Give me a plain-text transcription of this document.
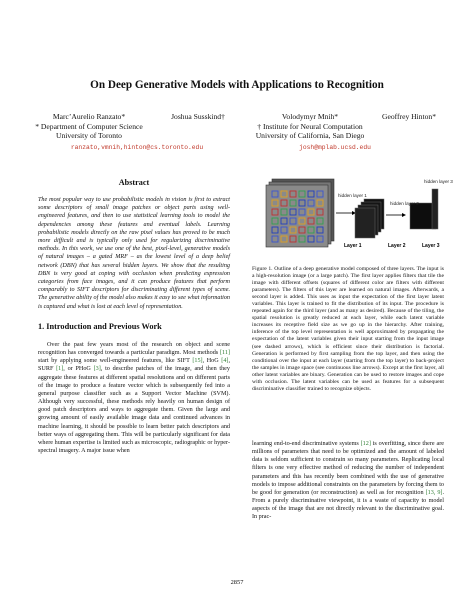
On Deep Generative Models with Applications to Recognition
Marc’Aurelio Ranzato*
* Department of Computer Science
University of Toronto
Joshua Susskind†	Volodymyr Mnih*
† Institute for Neural Computation
University of California, San Diego
Geoffrey Hinton*
ranzato,vmnih,hinton@cs.toronto.edu	josh@mplab.ucsd.edu
Abstract
The most popular way to use probabilistic models in vision is first to extract some descriptors of small image patches or object parts using well-engineered features, and then to use statistical learning tools to model the dependencies among these features and eventual labels. Learning probabilistic models directly on the raw pixel values has proved to be much more difficult and is typically only used for regularizing discriminative methods. In this work, we use one of the best, pixel-level, generative models of natural images – a gated MRF – as the lowest level of a deep belief network (DBN) that has several hidden layers. We show that the resulting DBN is very good at coping with occlusion when predicting expression categories from face images, and it can produce features that perform comparably to SIFT descriptors for discriminating different types of scene. The generative ability of the model also makes it easy to see what information is captured and what is lost at each level of representation.
1. Introduction and Previous Work

Over the past few years most of the research on object and scene recognition has converged towards a particular paradigm. Most methods [11] start by applying some well-engineered features, like SIFT [15], HoG [4], SURF [1], or PHoG [3], to describe patches of the image, and then they aggregate these features at different spatial resolutions and on different parts of the image to produce a feature vector which is subsequently fed into a general purpose classifier such as a Support Vector Machine (SVM). Although very successful, these methods rely heavily on human design of good patch descriptors and ways to aggregate them. Given the large and growing amount of easily available image data and continued advances in machine learning, it should be possible to learn better patch descriptors and better ways of aggregating them. This will be particularly significant for data where human expertise is limited such as microscopic, radiographic or hyper-spectral imagery. A major issue when

hidden layer 1
hidden layer 2
hidden layer 3
Layer 1	Layer 2	Layer 3
Figure 1. Outline of a deep generative model composed of three layers. The input is a high-resolution image (or a large patch). The first layer applies filters that tile the image with different offsets (squares of different color are filters with different parameters). The filters of this layer are learned on natural images. Afterwards, a second layer is added. This uses as input the expectation of the first layer latent variables. This layer is trained to fit the distribution of its input. The procedure is repeated again for the third layer (and as many as desired). Because of the tiling, the spatial resolution is greatly reduced at each layer, while each latent variable increases its receptive field size as we go up in the hierarchy. After training, inference of the top level representation is well approximated by propagating the expectation of the latent variables given their input starting from the input image (see dashed arrows), which is efficient since their distribution is factorial. Generation is performed by first sampling from the top layer, and then using the conditional over the input at each layer (starting from the top layer) to back-project the samples in image space (see continuous line arrows). Except at the first layer, all other latent variables are binary. Generation can be used to restore images and cope with occlusion. The latent variables can be used as features for a subsequent discriminative classifier trained to recognize objects.

learning end-to-end discriminative systems [12] is overfitting, since there are millions of parameters that need to be optimized and the amount of labeled data is seldom sufficient to constrain so many parameters. Replicating local filters is one very effective method of reducing the number of independent parameters and this has recently been combined with the use of generative models to impose additional constraints on the parameters by forcing them to be good for generation (or reconstruction) as well as for recognition [13, 9]. From a purely discriminative viewpoint, it is a waste of capacity to model aspects of the image that are not directly relevant to the discriminative goal. In prac-

2857
